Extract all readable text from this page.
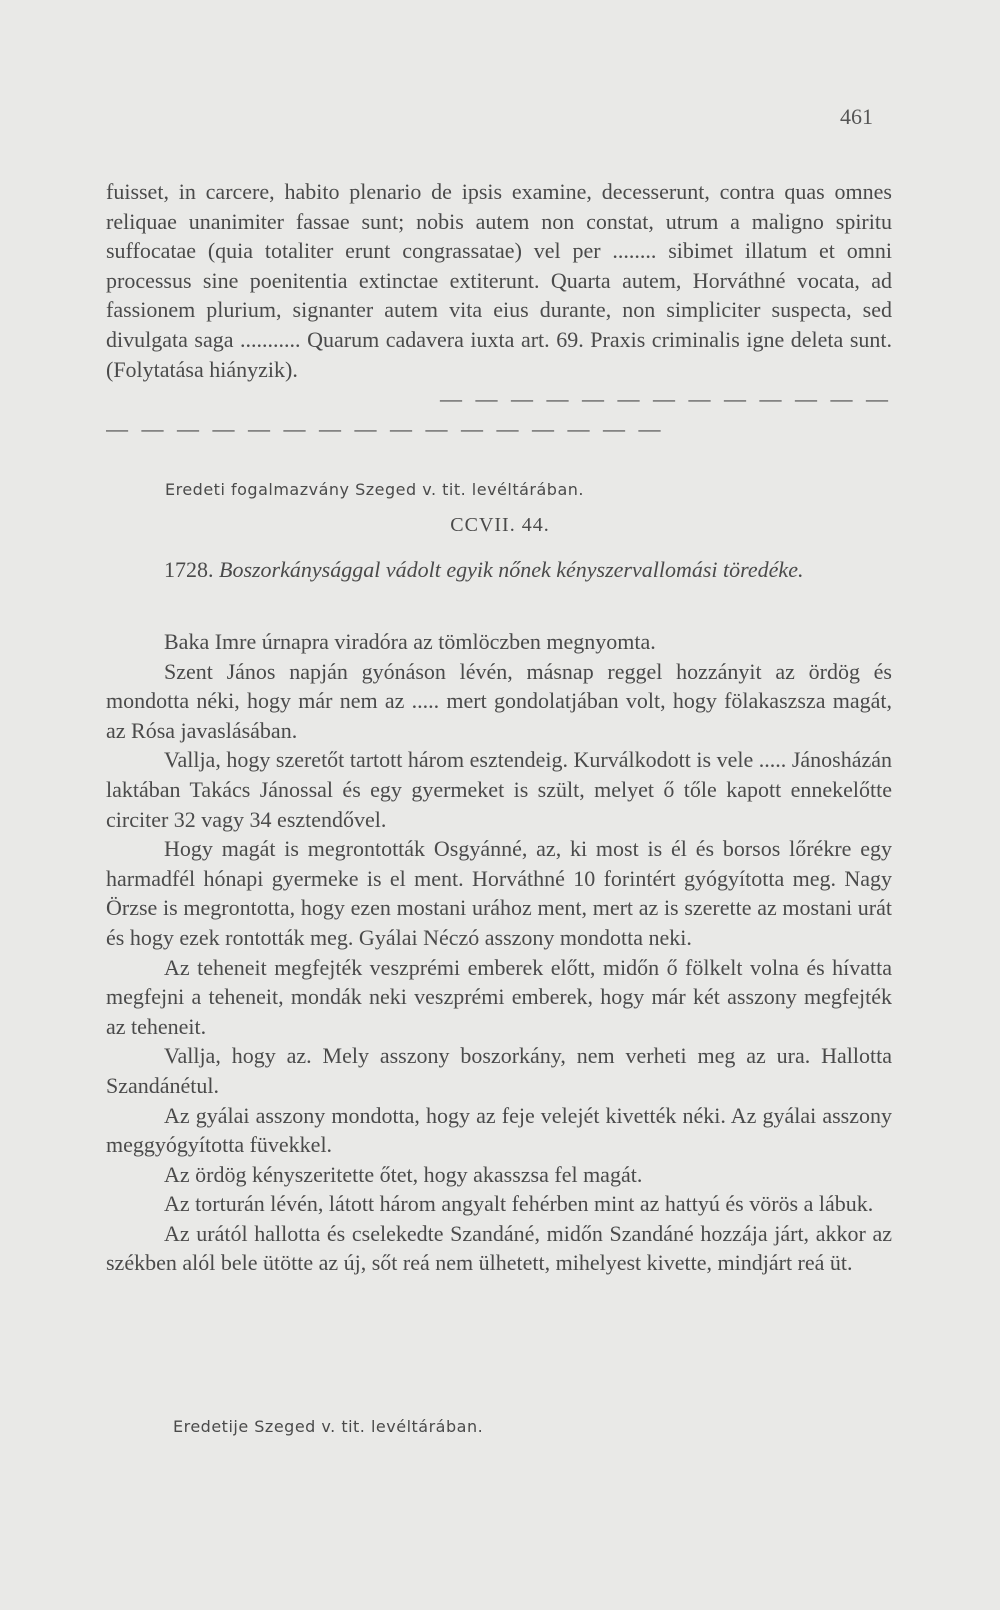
461

fuisset, in carcere, habito plenario de ipsis examine, decesserunt, contra quas omnes reliquae unanimiter fassae sunt; nobis autem non constat, utrum a maligno spiritu suffocatae (quia totaliter erunt congrassatae) vel per ........ sibimet illatum et omni processus sine poenitentia extinctae extiterunt. Quarta autem, Horváthné vocata, ad fassionem plurium, signanter autem vita eius durante, non simpliciter suspecta, sed divulgata saga ........... Quarum cadavera iuxta art. 69. Praxis criminalis igne deleta sunt. (Folytatása hiányzik).

— — — — — — — — — — — — —

— — — — — — — — — — — — — — — —

Eredeti fogalmazvány Szeged v. tit. levéltárában.

CCVII. 44.
1728. Boszorkánysággal vádolt egyik nőnek kényszervallomási töredéke.

Baka Imre úrnapra viradóra az tömlöczben megnyomta.

Szent János napján gyónáson lévén, másnap reggel hozzányit az ördög és mondotta néki, hogy már nem az ..... mert gondolatjában volt, hogy fölakaszsza magát, az Rósa javaslásában.

Vallja, hogy szeretőt tartott három esztendeig. Kurválkodott is vele ..... Jánosházán laktában Takács Jánossal és egy gyermeket is szült, melyet ő tőle kapott ennekelőtte circiter 32 vagy 34 esztendővel.

Hogy magát is megrontották Osgyánné, az, ki most is él és borsos lőrékre egy harmadfél hónapi gyermeke is el ment. Horváthné 10 forintért gyógyította meg. Nagy Örzse is megrontotta, hogy ezen mostani urához ment, mert az is szerette az mostani urát és hogy ezek rontották meg. Gyálai Néczó asszony mondotta neki.

Az teheneit megfejték veszprémi emberek előtt, midőn ő fölkelt volna és hívatta megfejni a teheneit, mondák neki veszprémi emberek, hogy már két asszony megfejték az teheneit.

Vallja, hogy az. Mely asszony boszorkány, nem verheti meg az ura. Hallotta Szandánétul.

Az gyálai asszony mondotta, hogy az feje velejét kivették néki. Az gyálai asszony meggyógyította füvekkel.

Az ördög kényszeritette őtet, hogy akasszsa fel magát.

Az torturán lévén, látott három angyalt fehérben mint az hattyú és vörös a lábuk.

Az urától hallotta és cselekedte Szandáné, midőn Szandáné hozzája járt, akkor az székben alól bele ütötte az új, sőt reá nem ülhetett, mihelyest kivette, mindjárt reá üt.

Eredetije Szeged v. tit. levéltárában.
